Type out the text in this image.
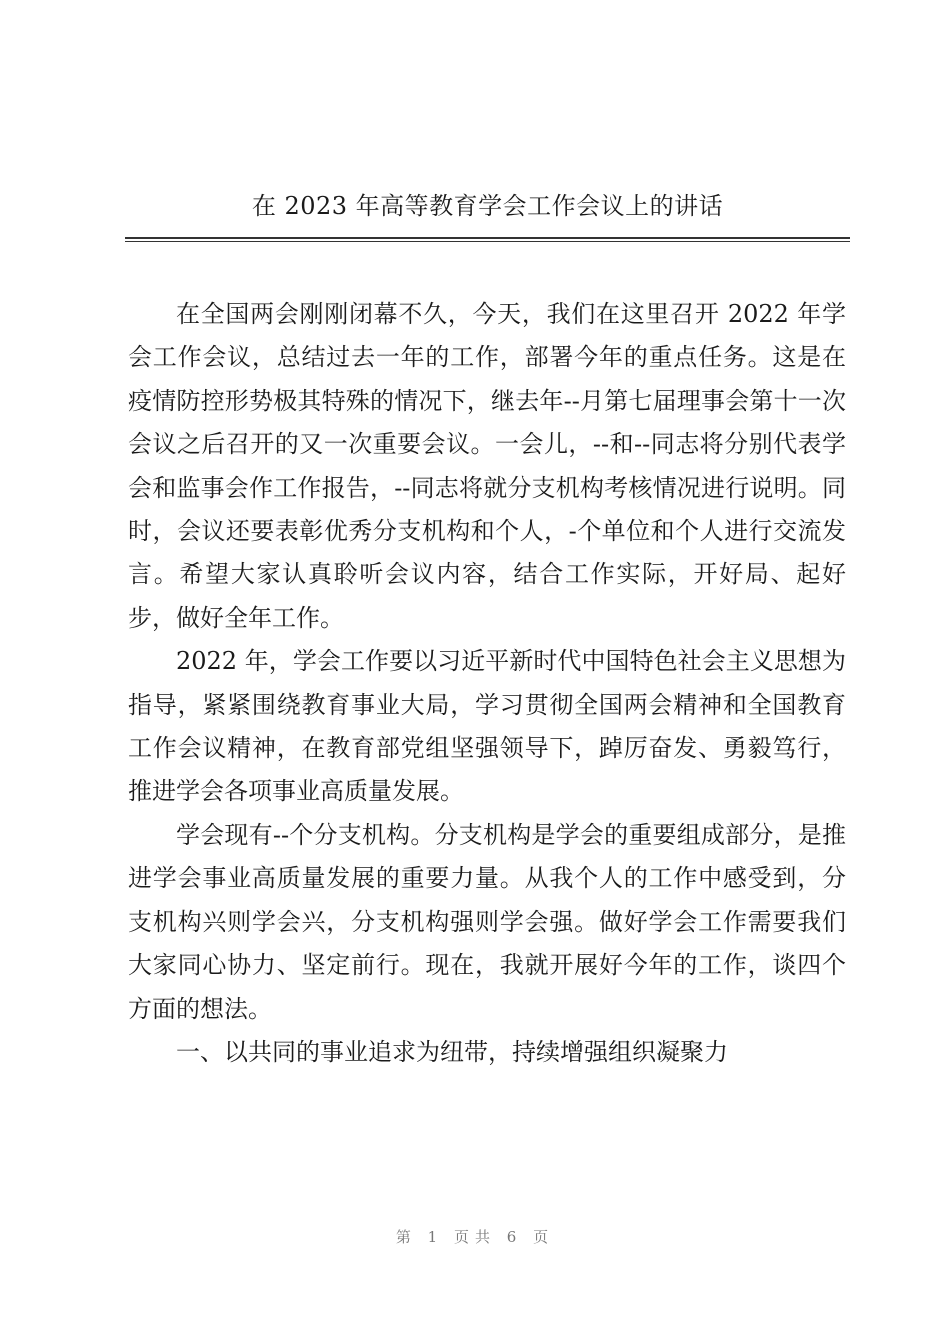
在 2023 年高等教育学会工作会议上的讲话

在全国两会刚刚闭幕不久，今天，我们在这里召开 2022 年学会工作会议，总结过去一年的工作，部署今年的重点任务。这是在疫情防控形势极其特殊的情况下，继去年--月第七届理事会第十一次会议之后召开的又一次重要会议。一会儿，--和--同志将分别代表学会和监事会作工作报告，--同志将就分支机构考核情况进行说明。同时，会议还要表彰优秀分支机构和个人，-个单位和个人进行交流发言。希望大家认真聆听会议内容，结合工作实际，开好局、起好步，做好全年工作。

2022 年，学会工作要以习近平新时代中国特色社会主义思想为指导，紧紧围绕教育事业大局，学习贯彻全国两会精神和全国教育工作会议精神，在教育部党组坚强领导下，踔厉奋发、勇毅笃行，推进学会各项事业高质量发展。

学会现有--个分支机构。分支机构是学会的重要组成部分，是推进学会事业高质量发展的重要力量。从我个人的工作中感受到，分支机构兴则学会兴，分支机构强则学会强。做好学会工作需要我们大家同心协力、坚定前行。现在，我就开展好今年的工作，谈四个方面的想法。

一、以共同的事业追求为纽带，持续增强组织凝聚力

第 1 页共 6 页
